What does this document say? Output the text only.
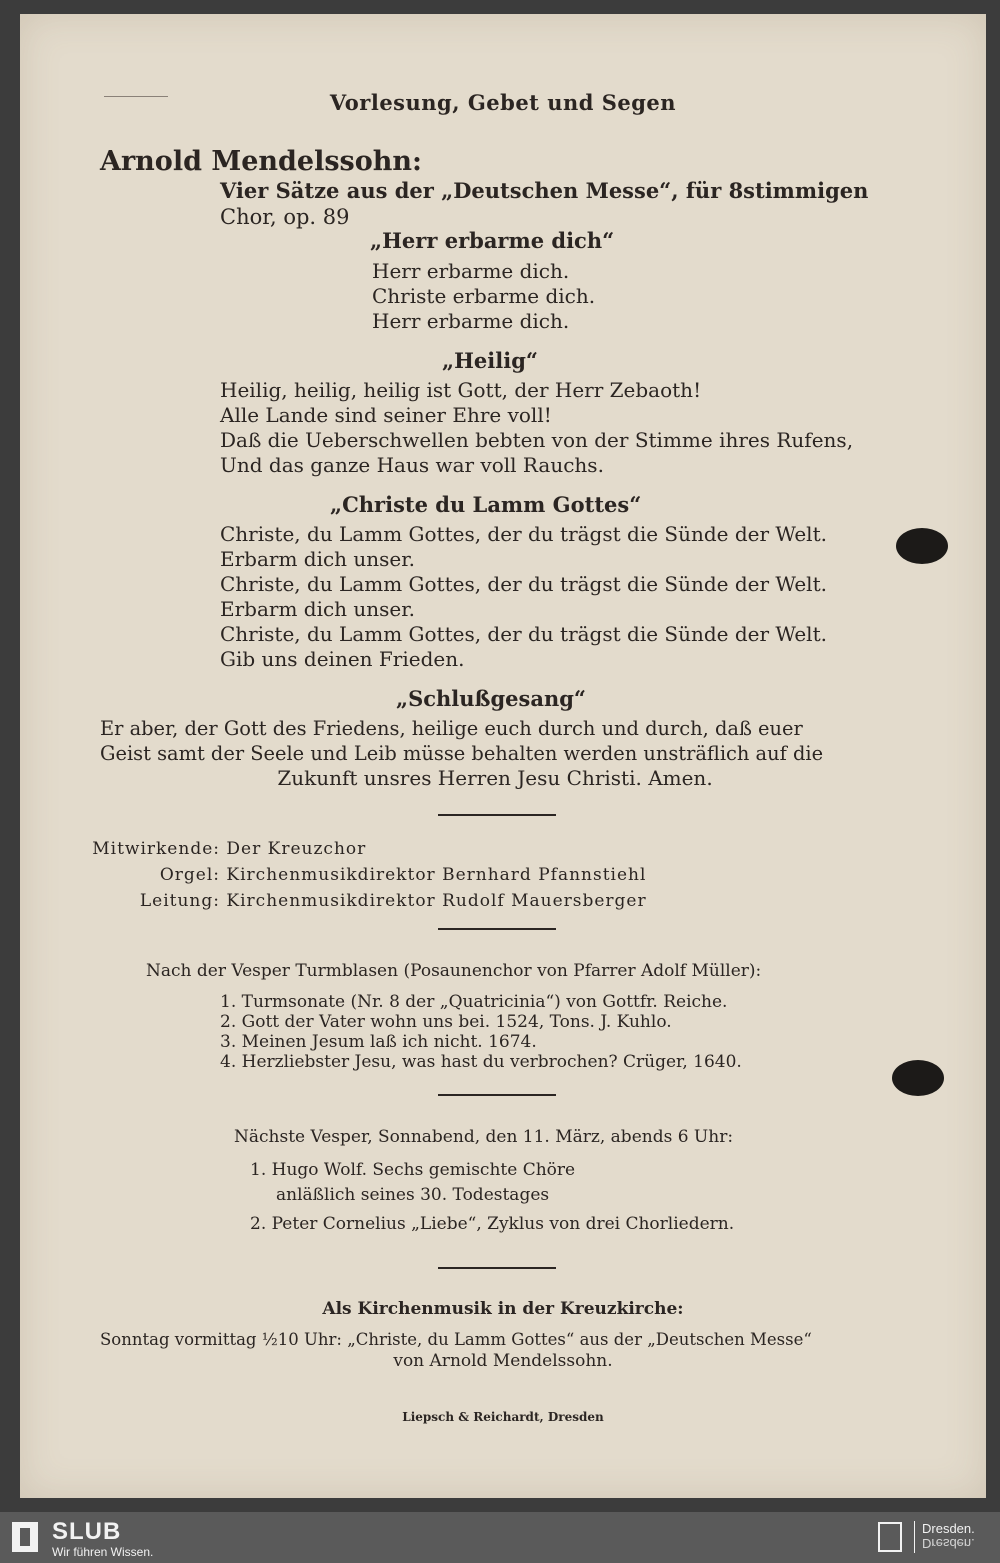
Vorlesung, Gebet und Segen
Arnold Mendelssohn:
Vier Sätze aus der „Deutschen Messe“, für 8stimmigen
Chor, op. 89
„Herr erbarme dich“
Herr erbarme dich.
Christe erbarme dich.
Herr erbarme dich.
„Heilig“
Heilig, heilig, heilig ist Gott, der Herr Zebaoth!
Alle Lande sind seiner Ehre voll!
Daß die Ueberschwellen bebten von der Stimme ihres Rufens,
Und das ganze Haus war voll Rauchs.
„Christe du Lamm Gottes“
Christe, du Lamm Gottes, der du trägst die Sünde der Welt.
Erbarm dich unser.
Christe, du Lamm Gottes, der du trägst die Sünde der Welt.
Erbarm dich unser.
Christe, du Lamm Gottes, der du trägst die Sünde der Welt.
Gib uns deinen Frieden.
„Schlußgesang“
Er aber, der Gott des Friedens, heilige euch durch und durch, daß euer
Geist samt der Seele und Leib müsse behalten werden unsträflich auf die
Zukunft unsres Herren Jesu Christi. Amen.
Mitwirkende: Der Kreuzchor
Orgel: Kirchenmusikdirektor Bernhard Pfannstiehl
Leitung: Kirchenmusikdirektor Rudolf Mauersberger
Nach der Vesper Turmblasen (Posaunenchor von Pfarrer Adolf Müller):
1. Turmsonate (Nr. 8 der „Quatricinia“) von Gottfr. Reiche.
2. Gott der Vater wohn uns bei. 1524, Tons. J. Kuhlo.
3. Meinen Jesum laß ich nicht. 1674.
4. Herzliebster Jesu, was hast du verbrochen? Crüger, 1640.
Nächste Vesper, Sonnabend, den 11. März, abends 6 Uhr:
1. Hugo Wolf. Sechs gemischte Chöre
anläßlich seines 30. Todestages
2. Peter Cornelius „Liebe“, Zyklus von drei Chorliedern.
Als Kirchenmusik in der Kreuzkirche:
Sonntag vormittag ½10 Uhr: „Christe, du Lamm Gottes“ aus der „Deutschen Messe“
von Arnold Mendelssohn.
Liepsch & Reichardt, Dresden
SLUB
Wir führen Wissen.
Dresden.
Dresden.
